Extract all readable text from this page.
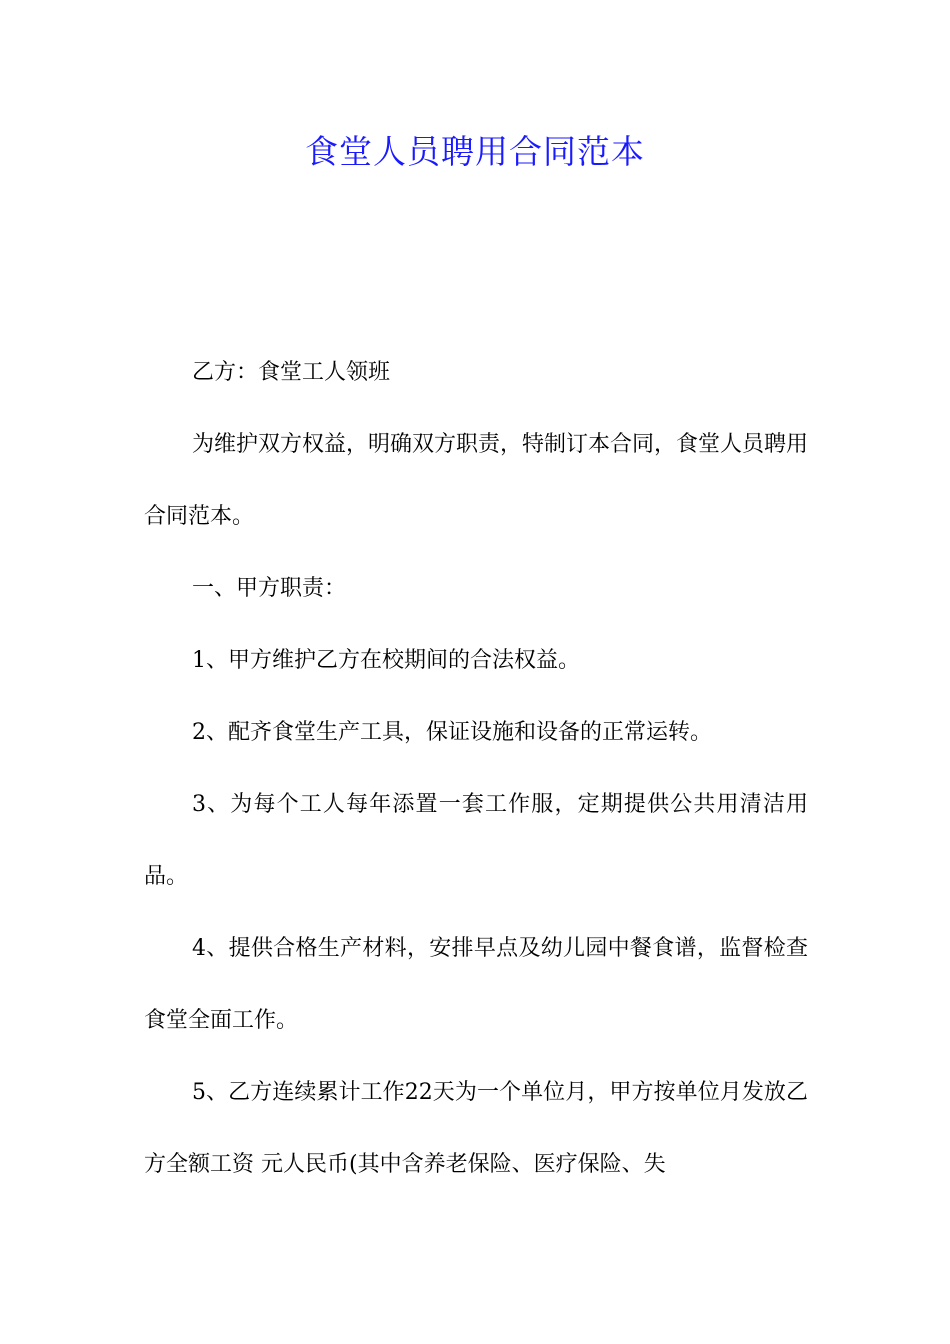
食堂人员聘用合同范本

乙方：食堂工人领班

为维护双方权益，明确双方职责，特制订本合同，食堂人员聘用合同范本。

一、甲方职责：

1、甲方维护乙方在校期间的合法权益。

2、配齐食堂生产工具，保证设施和设备的正常运转。

3、为每个工人每年添置一套工作服，定期提供公共用清洁用品。

4、提供合格生产材料，安排早点及幼儿园中餐食谱，监督检查食堂全面工作。

5、乙方连续累计工作22天为一个单位月，甲方按单位月发放乙方全额工资 元人民币(其中含养老保险、医疗保险、失
